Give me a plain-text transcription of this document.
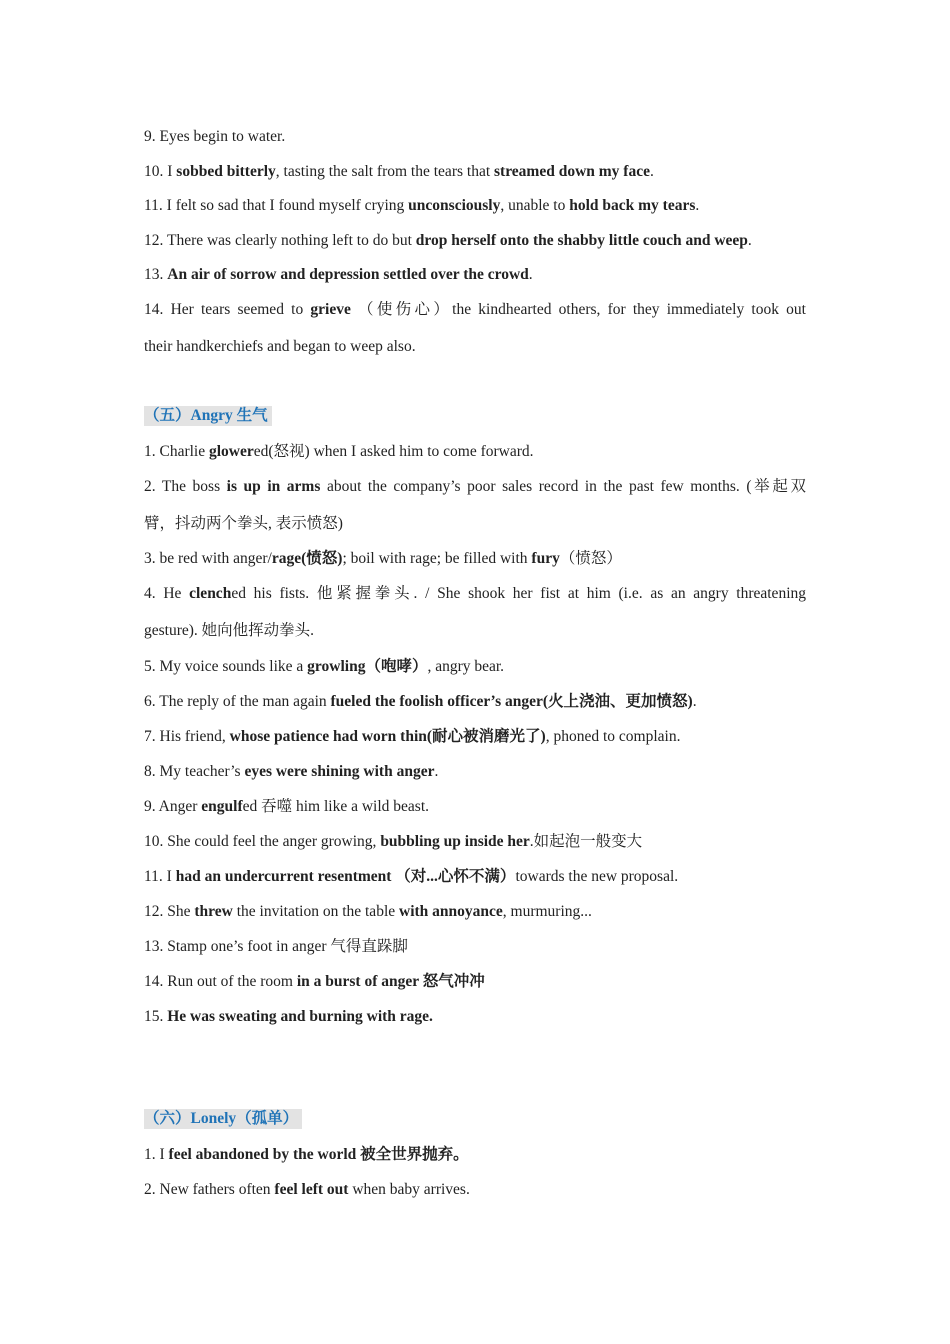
9. Eyes begin to water.
10. I sobbed bitterly, tasting the salt from the tears that streamed down my face.
11. I felt so sad that I found myself crying unconsciously, unable to hold back my tears.
12. There was clearly nothing left to do but drop herself onto the shabby little couch and weep.
13. An air of sorrow and depression settled over the crowd.
14. Her tears seemed to grieve （使伤心）the kindhearted others, for they immediately took out
their handkerchiefs and began to weep also.
（五）Angry 生气
1. Charlie glowered(怒视) when I asked him to come forward.
2. The boss is up in arms about the company’s poor sales record in the past few months. (举起双
臂，抖动两个拳头, 表示愤怒)
3. be red with anger/rage(愤怒); boil with rage; be filled with fury（愤怒）
4. He clenched his fists. 他紧握拳头. / She shook her fist at him (i.e. as an angry threatening
gesture). 她向他挥动拳头.
5. My voice sounds like a growling（咆哮）, angry bear.
6. The reply of the man again fueled the foolish officer’s anger(火上浇油、更加愤怒).
7. His friend, whose patience had worn thin(耐心被消磨光了), phoned to complain.
8. My teacher’s eyes were shining with anger.
9. Anger engulfed 吞噬 him like a wild beast.
10. She could feel the anger growing, bubbling up inside her.如起泡一般变大
11. I had an undercurrent resentment （对...心怀不满）towards the new proposal.
12. She threw the invitation on the table with annoyance, murmuring...
13. Stamp one’s foot in anger 气得直跺脚
14. Run out of the room in a burst of anger 怒气冲冲
15. He was sweating and burning with rage.
（六）Lonely（孤单）
1. I feel abandoned by the world 被全世界抛弃。
2. New fathers often feel left out when baby arrives.
